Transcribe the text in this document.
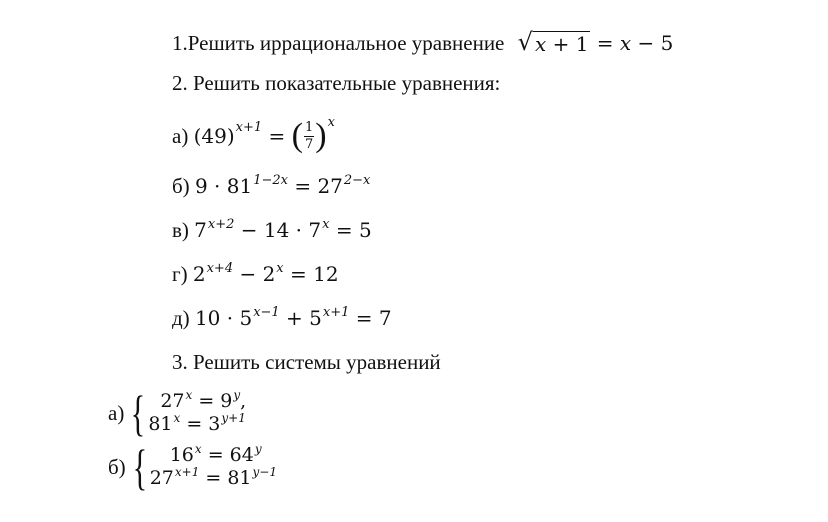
1.Решить иррациональное уравнение √ x + 1 = x − 5
2. Решить показательные уравнения:
а)
$(49)^{x+1}$ = ( $\frac{1}{7} )^x$
б) $9 \cdot 81^{1-2x} = 27^{2-x}$
в) $7^{x+2} - 14 \cdot 7^x = 5$
г) $2^{x+4} - 2^x = 12$
д) $10 \cdot 5^{x-1} + 5^{x+1} = 7$
3. Решить системы уравнений
а) { $27^x = 9^y$,
$81^x = 3^{y+1}$
б) {	$16^x = 64^y$
$27^{x+1} = 81^{y-1}$
